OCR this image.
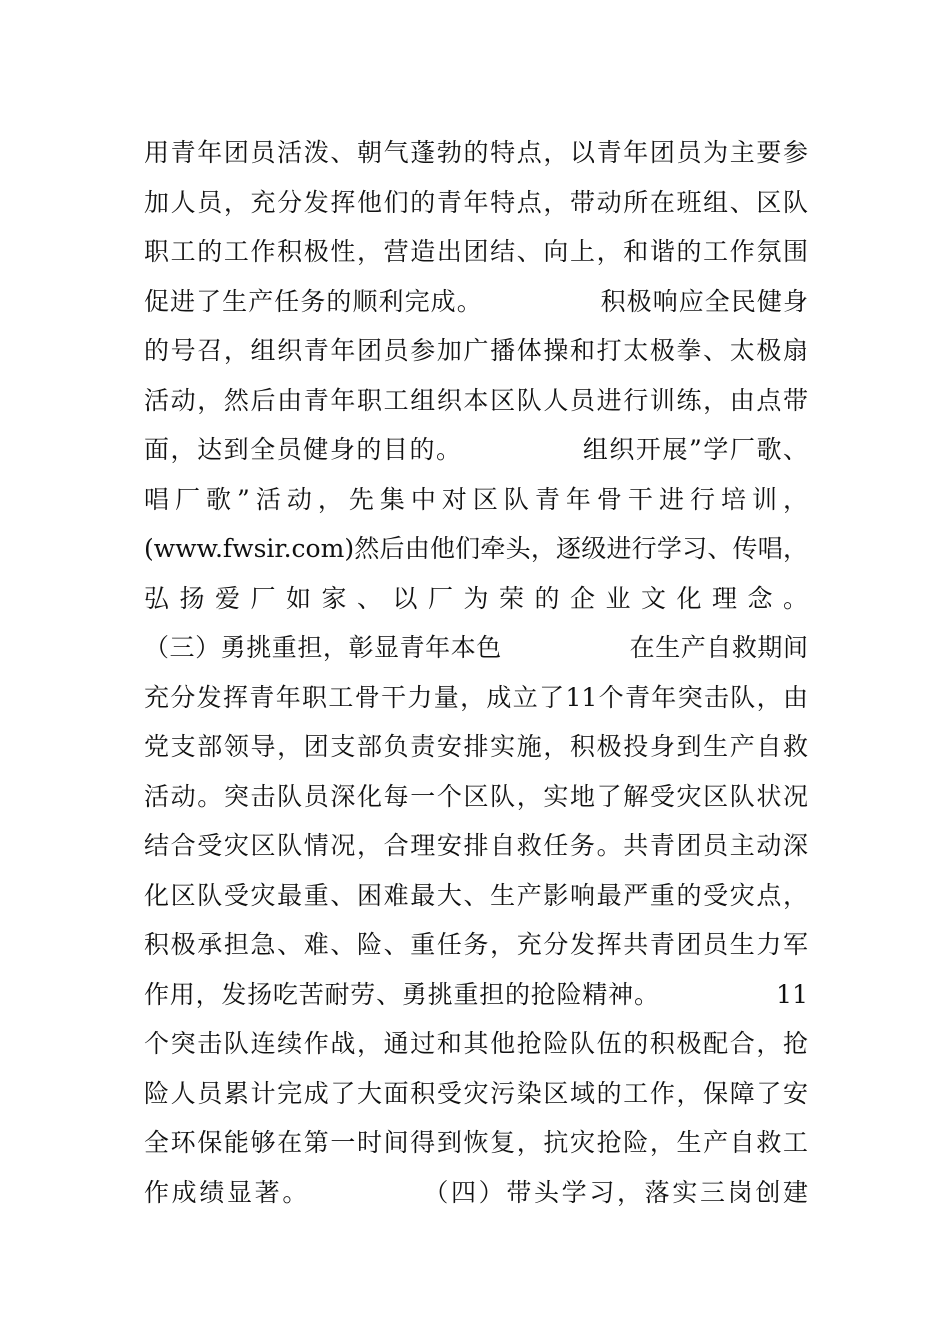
用青年团员活泼、朝气蓬勃的特点，以青年团员为主要参
加人员，充分发挥他们的青年特点，带动所在班组、区队
职工的工作积极性，营造出团结、向上，和谐的工作氛围
促进了生产任务的顺利完成。　　　　　积极响应全民健身
的号召，组织青年团员参加广播体操和打太极拳、太极扇
活动，然后由青年职工组织本区队人员进行训练，由点带
面，达到全员健身的目的。　　　　　组织开展”学厂歌、
唱厂歌”活动，先集中对区队青年骨干进行培训，
(www.fwsir.com)然后由他们牵头，逐级进行学习、传唱，
弘扬爱厂如家、以厂为荣的企业文化理念。
（三）勇挑重担，彰显青年本色　　　　　在生产自救期间
充分发挥青年职工骨干力量，成立了11个青年突击队，由
党支部领导，团支部负责安排实施，积极投身到生产自救
活动。突击队员深化每一个区队，实地了解受灾区队状况
结合受灾区队情况，合理安排自救任务。共青团员主动深
化区队受灾最重、困难最大、生产影响最严重的受灾点，
积极承担急、难、险、重任务，充分发挥共青团员生力军
作用，发扬吃苦耐劳、勇挑重担的抢险精神。　　　　　11
个突击队连续作战，通过和其他抢险队伍的积极配合，抢
险人员累计完成了大面积受灾污染区域的工作，保障了安
全环保能够在第一时间得到恢复，抗灾抢险，生产自救工
作成绩显著。　　　　　（四）带头学习，落实三岗创建
